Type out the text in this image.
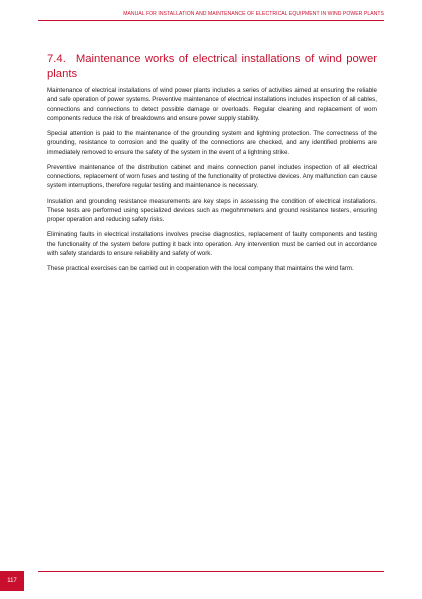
MANUAL FOR INSTALLATION AND MAINTENANCE OF ELECTRICAL EQUIPMENT IN WIND POWER PLANTS
7.4. Maintenance works of electrical installations of wind power plants

Maintenance of electrical installations of wind power plants includes a series of activities aimed at ensuring the reliable and safe operation of power systems. Preventive maintenance of electrical installations includes inspection of all cables, connections and connections to detect possible damage or overloads. Regular cleaning and replacement of worn components reduce the risk of breakdowns and ensure power supply stability.

Special attention is paid to the maintenance of the grounding system and lightning protection. The correctness of the grounding, resistance to corrosion and the quality of the connections are checked, and any identified problems are immediately removed to ensure the safety of the system in the event of a lightning strike.

Preventive maintenance of the distribution cabinet and mains connection panel includes inspection of all electrical connections, replacement of worn fuses and testing of the functionality of protective devices. Any malfunction can cause system interruptions, therefore regular testing and maintenance is necessary.

Insulation and grounding resistance measurements are key steps in assessing the condition of electrical installations. These tests are performed using specialized devices such as megohmmeters and ground resistance testers, ensuring proper operation and reducing safety risks.

Eliminating faults in electrical installations involves precise diagnostics, replacement of faulty components and testing the functionality of the system before putting it back into operation. Any intervention must be carried out in accordance with safety standards to ensure reliability and safety of work.

These practical exercises can be carried out in cooperation with the local company that maintains the wind farm.

117
